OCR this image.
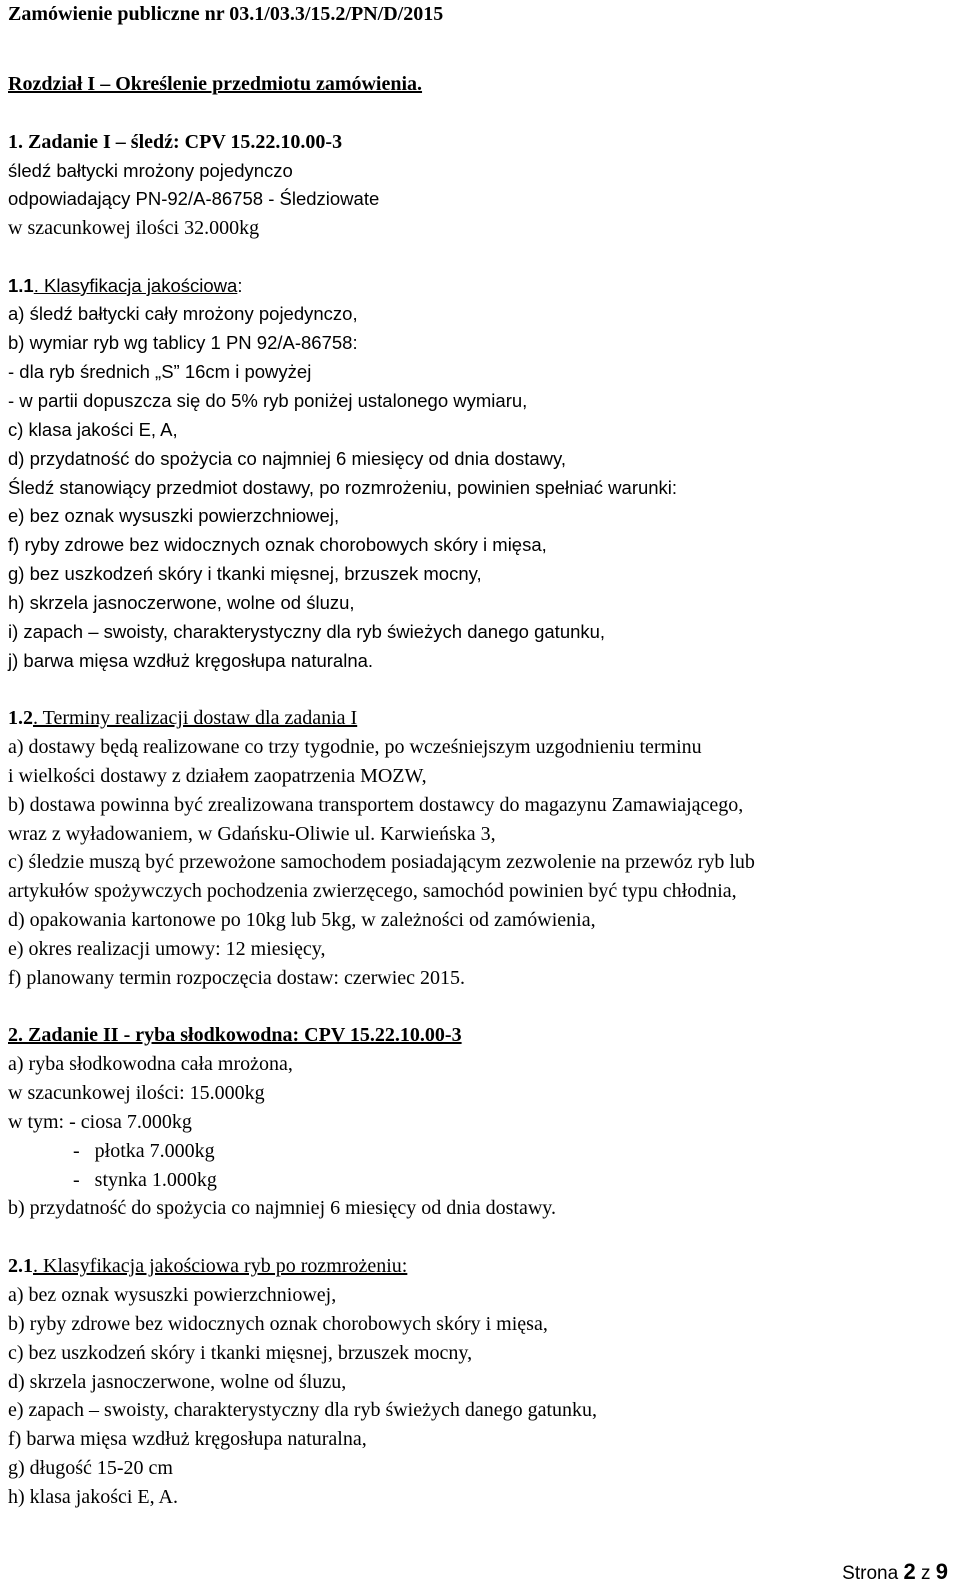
Zamówienie publiczne nr 03.1/03.3/15.2/PN/D/2015
Rozdział I – Określenie przedmiotu zamówienia.
1. Zadanie I – śledź: CPV 15.22.10.00-3
śledź bałtycki mrożony pojedynczo
odpowiadający PN-92/A-86758 - Śledziowate
w szacunkowej ilości 32.000kg
1.1. Klasyfikacja jakościowa:
a) śledź bałtycki cały mrożony pojedynczo,
b) wymiar ryb wg tablicy 1 PN 92/A-86758:
- dla ryb średnich „S” 16cm i powyżej
- w partii dopuszcza się do 5% ryb poniżej ustalonego wymiaru,
c) klasa jakości E, A,
d) przydatność do spożycia co najmniej 6 miesięcy od dnia dostawy,
Śledź stanowiący przedmiot dostawy, po rozmrożeniu, powinien spełniać warunki:
e) bez oznak wysuszki powierzchniowej,
f) ryby zdrowe bez widocznych oznak chorobowych skóry i mięsa,
g) bez uszkodzeń skóry i tkanki mięsnej, brzuszek mocny,
h) skrzela jasnoczerwone, wolne od śluzu,
i) zapach – swoisty, charakterystyczny dla ryb świeżych danego gatunku,
j) barwa mięsa wzdłuż kręgosłupa naturalna.
1.2. Terminy realizacji dostaw dla zadania I
a) dostawy będą realizowane co trzy tygodnie, po wcześniejszym uzgodnieniu terminu
i wielkości dostawy z działem zaopatrzenia MOZW,
b) dostawa powinna być zrealizowana transportem dostawcy do magazynu Zamawiającego,
wraz z wyładowaniem, w Gdańsku-Oliwie ul. Karwieńska 3,
c) śledzie muszą być przewożone samochodem posiadającym zezwolenie na przewóz ryb lub
artykułów spożywczych pochodzenia zwierzęcego, samochód powinien być typu chłodnia,
d) opakowania kartonowe po 10kg lub 5kg, w zależności od zamówienia,
e) okres realizacji umowy: 12 miesięcy,
f) planowany termin rozpoczęcia dostaw: czerwiec 2015.
2. Zadanie II - ryba słodkowodna: CPV 15.22.10.00-3
a) ryba słodkowodna cała mrożona,
w szacunkowej ilości: 15.000kg
w tym: - ciosa 7.000kg
-   płotka 7.000kg
-   stynka 1.000kg
b) przydatność do spożycia co najmniej 6 miesięcy od dnia dostawy.
2.1. Klasyfikacja jakościowa ryb po rozmrożeniu:
a) bez oznak wysuszki powierzchniowej,
b) ryby zdrowe bez widocznych oznak chorobowych skóry i mięsa,
c) bez uszkodzeń skóry i tkanki mięsnej, brzuszek mocny,
d) skrzela jasnoczerwone, wolne od śluzu,
e) zapach – swoisty, charakterystyczny dla ryb świeżych danego gatunku,
f) barwa mięsa wzdłuż kręgosłupa naturalna,
g) długość 15-20 cm
h) klasa jakości E, A.
Strona 2 z 9
